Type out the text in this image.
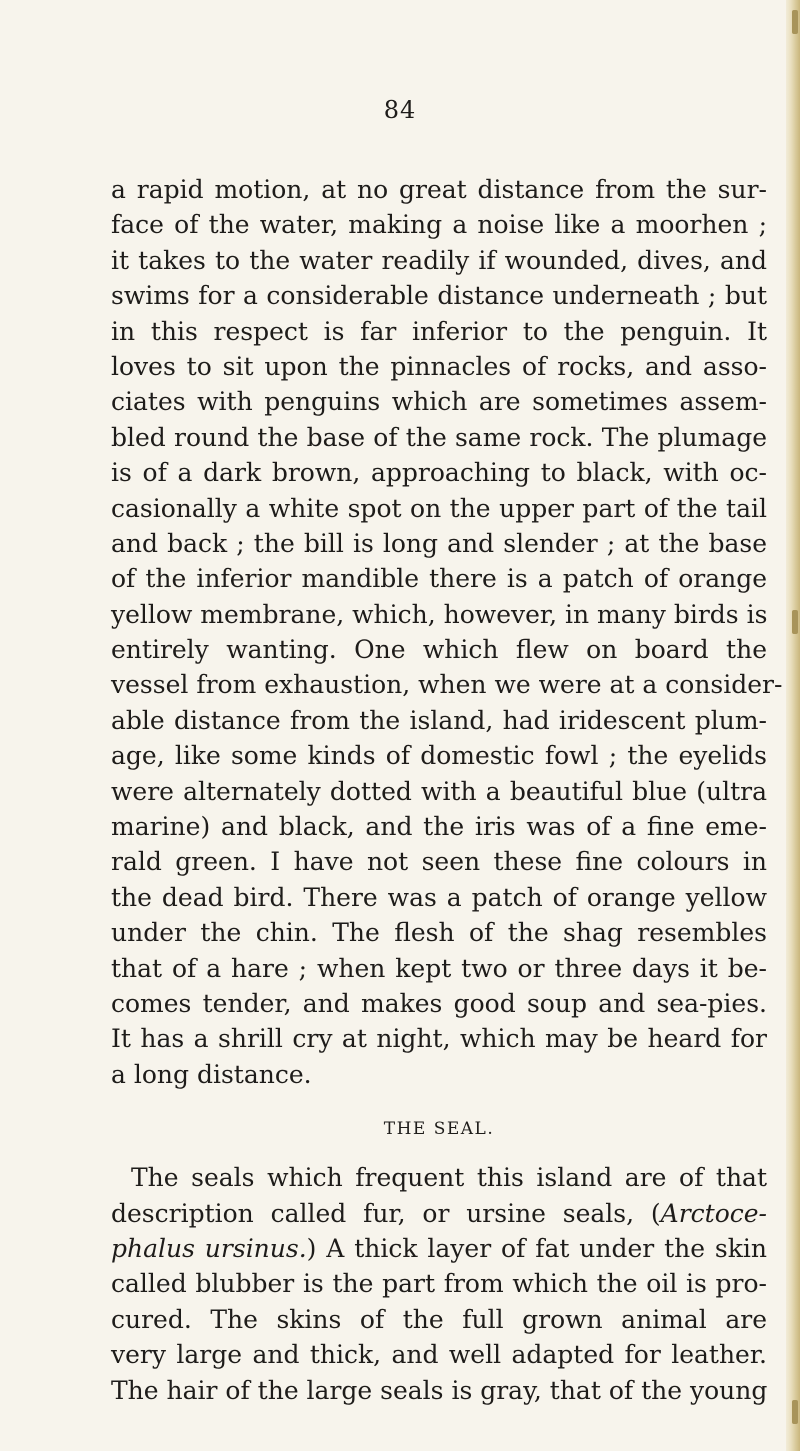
84
a rapid motion, at no great distance from the sur-
face of the water, making a noise like a moorhen ;
it takes to the water readily if wounded, dives, and
swims for a considerable distance underneath ; but
in this respect is far inferior to the penguin. It
loves to sit upon the pinnacles of rocks, and asso-
ciates with penguins which are sometimes assem-
bled round the base of the same rock. The plumage
is of a dark brown, approaching to black, with oc-
casionally a white spot on the upper part of the tail
and back ; the bill is long and slender ; at the base
of the inferior mandible there is a patch of orange
yellow membrane, which, however, in many birds is
entirely wanting. One which flew on board the
vessel from exhaustion, when we were at a consider-
able distance from the island, had iridescent plum-
age, like some kinds of domestic fowl ; the eyelids
were alternately dotted with a beautiful blue (ultra
marine) and black, and the iris was of a fine eme-
rald green. I have not seen these fine colours in
the dead bird. There was a patch of orange yellow
under the chin. The flesh of the shag resembles
that of a hare ; when kept two or three days it be-
comes tender, and makes good soup and sea-pies.
It has a shrill cry at night, which may be heard for
a long distance.
THE SEAL.
The seals which frequent this island are of that
description called fur, or ursine seals, (Arctoce-
phalus ursinus.) A thick layer of fat under the skin
called blubber is the part from which the oil is pro-
cured. The skins of the full grown animal are
very large and thick, and well adapted for leather.
The hair of the large seals is gray, that of the young
